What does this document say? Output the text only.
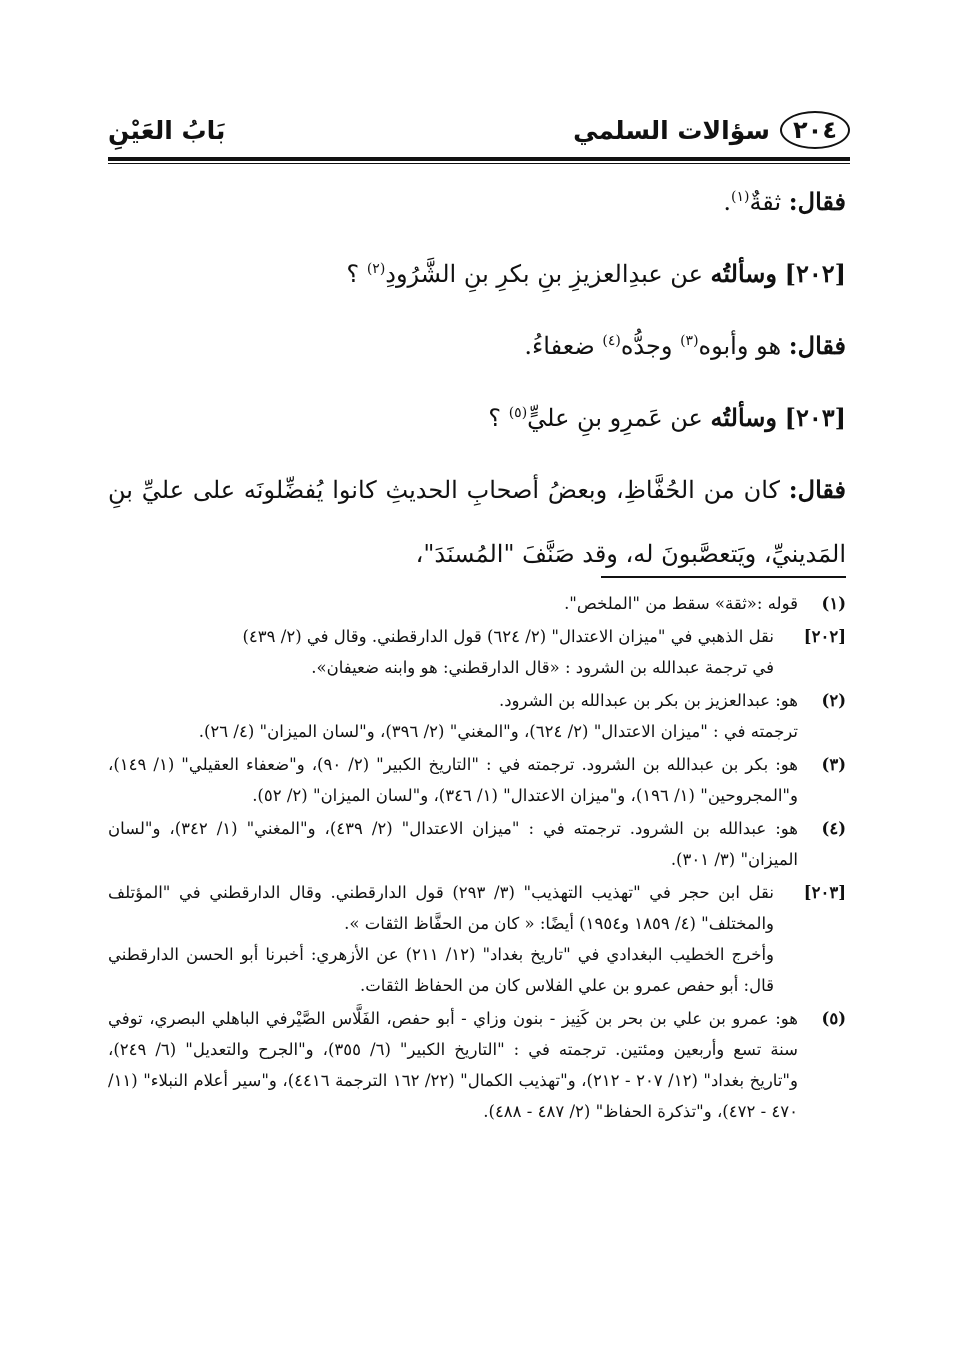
٢٠٤
سؤالات السلمي
بَابُ العَيْنِ

فقال: ثقةٌ$^{(١)}$.

[٢٠٢] وسألتُه عن عبدِالعزيزِ بنِ بكرِ بنِ الشَّرُودِ$^{(٢)}$ ؟

فقال: هو وأبوه$^{(٣)}$ وجدُّه$^{(٤)}$ ضعفاءُ.

[٢٠٣] وسألتُه عن عَمرِو بنِ عليٍّ$^{(٥)}$ ؟

فقال: كان من الحُفَّاظِ، وبعضُ أصحابِ الحديثِ كانوا يُفضِّلونَه على عليِّ بنِ المَدينيِّ، ويَتعصَّبونَ له، وقد صَنَّفَ "المُسنَدَ"،

(١)
قوله :«ثقة» سقط من "الملخص".
[٢٠٢]
نقل الذهبي في "ميزان الاعتدال" (٢/ ٦٢٤) قول الدارقطني. وقال في (٢/ ٤٣٩)
في ترجمة عبدالله بن الشرود : «قال الدارقطني: هو وابنه ضعيفان».
(٢)
هو: عبدالعزيز بن بكر بن عبدالله بن الشرود.
ترجمته في : "ميزان الاعتدال" (٢/ ٦٢٤)، و"المغني" (٢/ ٣٩٦)، و"لسان الميزان" (٤/ ٢٦).
(٣)
هو: بكر بن عبدالله بن الشرود. ترجمته في : "التاريخ الكبير" (٢/ ٩٠)، و"ضعفاء العقيلي" (١/ ١٤٩)، و"المجروحين" (١/ ١٩٦)، و"ميزان الاعتدال" (١/ ٣٤٦)، و"لسان الميزان" (٢/ ٥٢).
(٤)
هو: عبدالله بن الشرود. ترجمته في : "ميزان الاعتدال" (٢/ ٤٣٩)، و"المغني" (١/ ٣٤٢)، و"لسان الميزان" (٣/ ٣٠١).
[٢٠٣]
نقل ابن حجر في "تهذيب التهذيب" (٣/ ٢٩٣) قول الدارقطني. وقال الدارقطني في "المؤتلف والمختلف" (٤/ ١٨٥٩ و١٩٥٤) أيضًا: « كان من الحفَّاظ الثقات ».
وأخرج الخطيب البغدادي في "تاريخ بغداد" (١٢/ ٢١١) عن الأزهري: أخبرنا أبو الحسن الدارقطني قال: أبو حفص عمرو بن علي الفلاس كان من الحفاظ الثقات.
(٥)
هو: عمرو بن علي بن بحر بن كَنِيز - بنون وزاي - أبو حفص، الفَلَّاس الصَّيْرفي الباهلي البصري، توفي سنة تسع وأربعين ومئتين. ترجمته في : "التاريخ الكبير" (٦/ ٣٥٥)، و"الجرح والتعديل" (٦/ ٢٤٩)، و"تاريخ بغداد" (١٢/ ٢٠٧ - ٢١٢)، و"تهذيب الكمال" (٢٢/ ١٦٢ الترجمة ٤٤١٦)، و"سير أعلام النبلاء" (١١/ ٤٧٠ - ٤٧٢)، و"تذكرة الحفاظ" (٢/ ٤٨٧ - ٤٨٨).
